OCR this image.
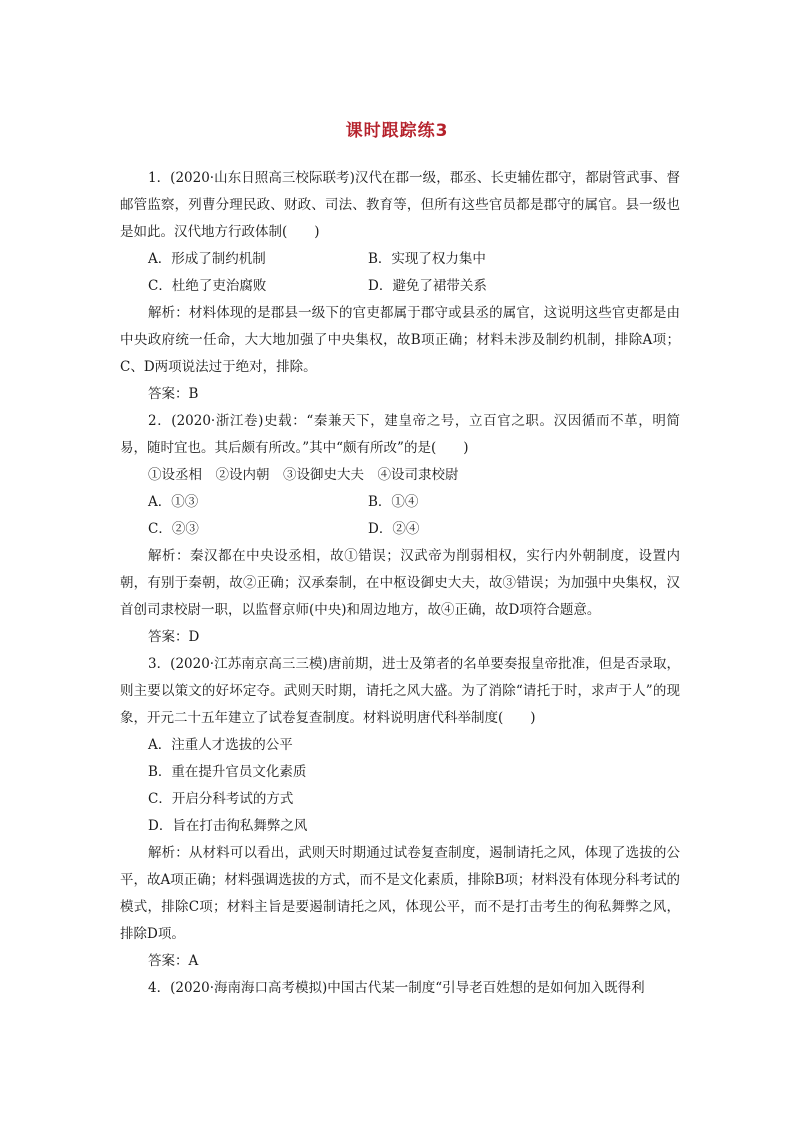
课时跟踪练3

1．(2020·山东日照高三校际联考)汉代在郡一级，郡丞、长吏辅佐郡守，都尉管武事、督邮管监察，列曹分理民政、财政、司法、教育等，但所有这些官员都是郡守的属官。县一级也是如此。汉代地方行政体制(　　)

A．形成了制约机制	B．实现了权力集中
C．杜绝了吏治腐败	D．避免了裙带关系

解析：材料体现的是郡县一级下的官吏都属于郡守或县丞的属官，这说明这些官吏都是由中央政府统一任命，大大地加强了中央集权，故B项正确；材料未涉及制约机制，排除A项；C、D两项说法过于绝对，排除。

答案：B

2．(2020·浙江卷)史载：“秦兼天下，建皇帝之号，立百官之职。汉因循而不革，明简易，随时宜也。其后颇有所改。”其中“颇有所改”的是(　　)

①设丞相　②设内朝　③设御史大夫　④设司隶校尉

A．①③	B．①④
C．②③	D．②④

解析：秦汉都在中央设丞相，故①错误；汉武帝为削弱相权，实行内外朝制度，设置内朝，有别于秦朝，故②正确；汉承秦制，在中枢设御史大夫，故③错误；为加强中央集权，汉首创司隶校尉一职，以监督京师(中央)和周边地方，故④正确，故D项符合题意。

答案：D

3．(2020·江苏南京高三三模)唐前期，进士及第者的名单要奏报皇帝批准，但是否录取，则主要以策文的好坏定夺。武则天时期，请托之风大盛。为了消除“请托于时，求声于人”的现象，开元二十五年建立了试卷复查制度。材料说明唐代科举制度(　　)

A．注重人才选拔的公平

B．重在提升官员文化素质

C．开启分科考试的方式

D．旨在打击徇私舞弊之风

解析：从材料可以看出，武则天时期通过试卷复查制度，遏制请托之风，体现了选拔的公平，故A项正确；材料强调选拔的方式，而不是文化素质，排除B项；材料没有体现分科考试的模式，排除C项；材料主旨是要遏制请托之风，体现公平，而不是打击考生的徇私舞弊之风，排除D项。

答案：A

4．(2020·海南海口高考模拟)中国古代某一制度“引导老百姓想的是如何加入既得利
